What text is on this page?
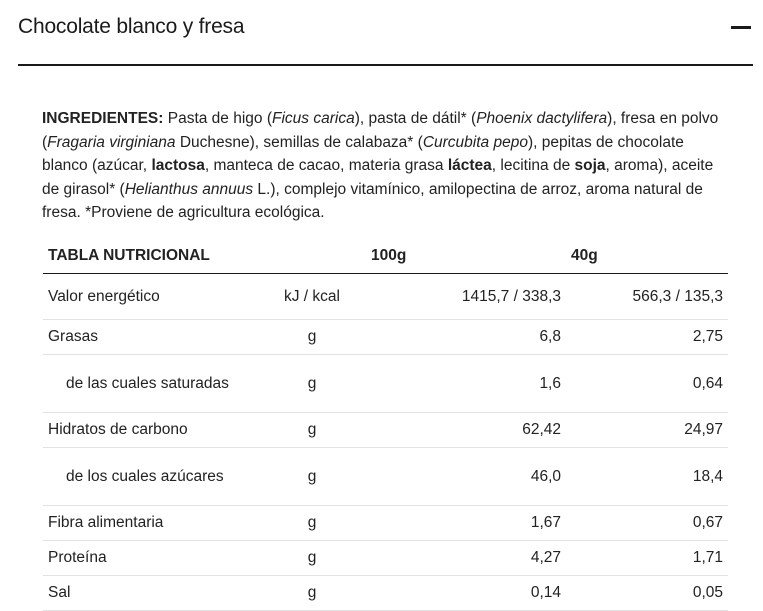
Chocolate blanco y fresa
INGREDIENTES: Pasta de higo (Ficus carica), pasta de dátil* (Phoenix dactylifera), fresa en polvo (Fragaria virginiana Duchesne), semillas de calabaza* (Curcubita pepo), pepitas de chocolate blanco (azúcar, lactosa, manteca de cacao, materia grasa láctea, lecitina de soja, aroma), aceite de girasol* (Helianthus annuus L.), complejo vitamínico, amilopectina de arroz, aroma natural de fresa. *Proviene de agricultura ecológica.
TABLA NUTRICIONAL		100g	40g
Valor energético	kJ / kcal	1415,7 / 338,3	566,3 / 135,3
Grasas	g	6,8	2,75
de las cuales saturadas	g	1,6	0,64
Hidratos de carbono	g	62,42	24,97
de los cuales azúcares	g	46,0	18,4
Fibra alimentaria	g	1,67	0,67
Proteína	g	4,27	1,71
Sal	g	0,14	0,05
